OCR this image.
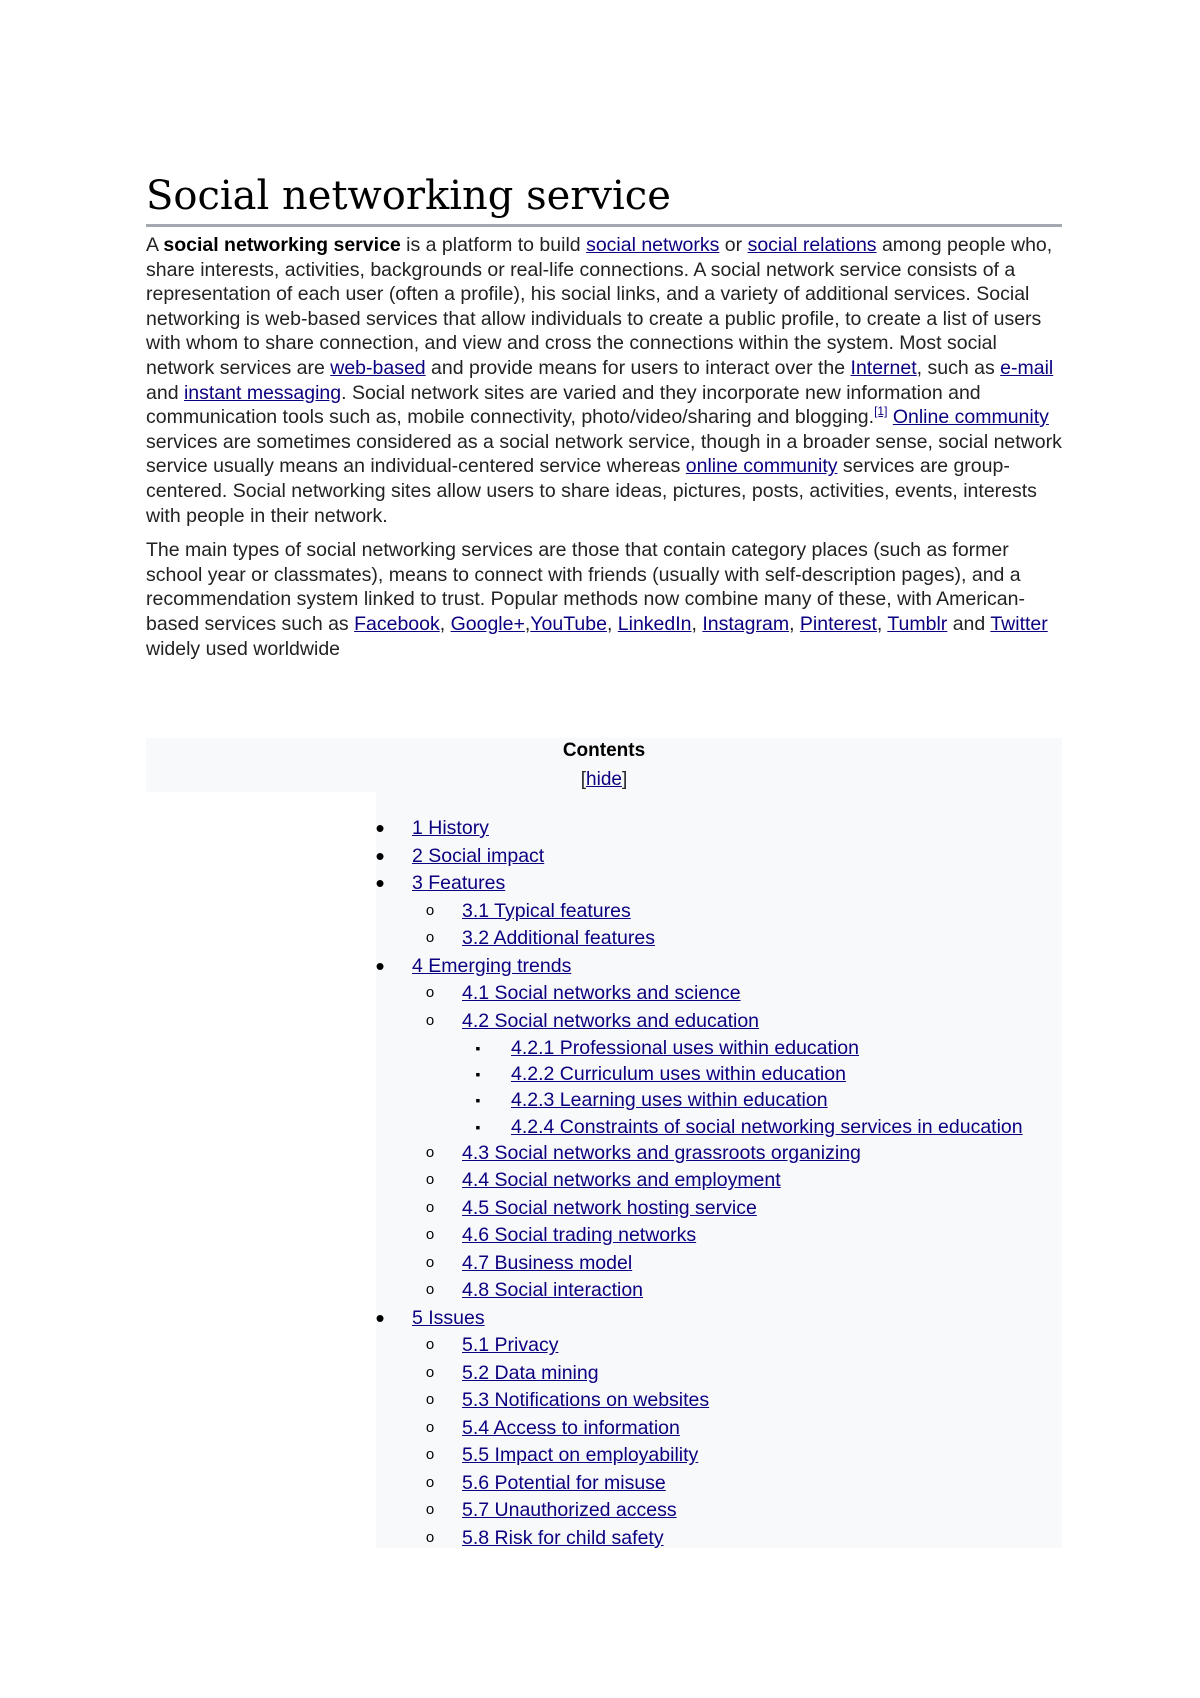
Social networking service

A social networking service is a platform to build social networks or social relations among people who, share interests, activities, backgrounds or real-life connections. A social network service consists of a representation of each user (often a profile), his social links, and a variety of additional services. Social networking is web-based services that allow individuals to create a public profile, to create a list of users with whom to share connection, and view and cross the connections within the system. Most social network services are web-based and provide means for users to interact over the Internet, such as e-mail and instant messaging. Social network sites are varied and they incorporate new information and communication tools such as, mobile connectivity, photo/video/sharing and blogging.[1] Online community services are sometimes considered as a social network service, though in a broader sense, social network service usually means an individual-centered service whereas online community services are group-centered. Social networking sites allow users to share ideas, pictures, posts, activities, events, interests with people in their network.

The main types of social networking services are those that contain category places (such as former school year or classmates), means to connect with friends (usually with self-description pages), and a recommendation system linked to trust. Popular methods now combine many of these, with American-based services such as Facebook, Google+,YouTube, LinkedIn, Instagram, Pinterest, Tumblr and Twitter widely used worldwide

Contents
[hide]
• 1 History
• 2 Social impact
• 3 Features
o 3.1 Typical features
o 3.2 Additional features
• 4 Emerging trends
o 4.1 Social networks and science
o 4.2 Social networks and education
▪	4.2.1 Professional uses within education
▪	4.2.2 Curriculum uses within education
▪	4.2.3 Learning uses within education
▪	4.2.4 Constraints of social networking services in education
o 4.3 Social networks and grassroots organizing
o 4.4 Social networks and employment
o 4.5 Social network hosting service
o 4.6 Social trading networks
o 4.7 Business model
o 4.8 Social interaction
• 5 Issues
o 5.1 Privacy
o 5.2 Data mining
o 5.3 Notifications on websites
o 5.4 Access to information
o 5.5 Impact on employability
o 5.6 Potential for misuse
o 5.7 Unauthorized access
o 5.8 Risk for child safety
